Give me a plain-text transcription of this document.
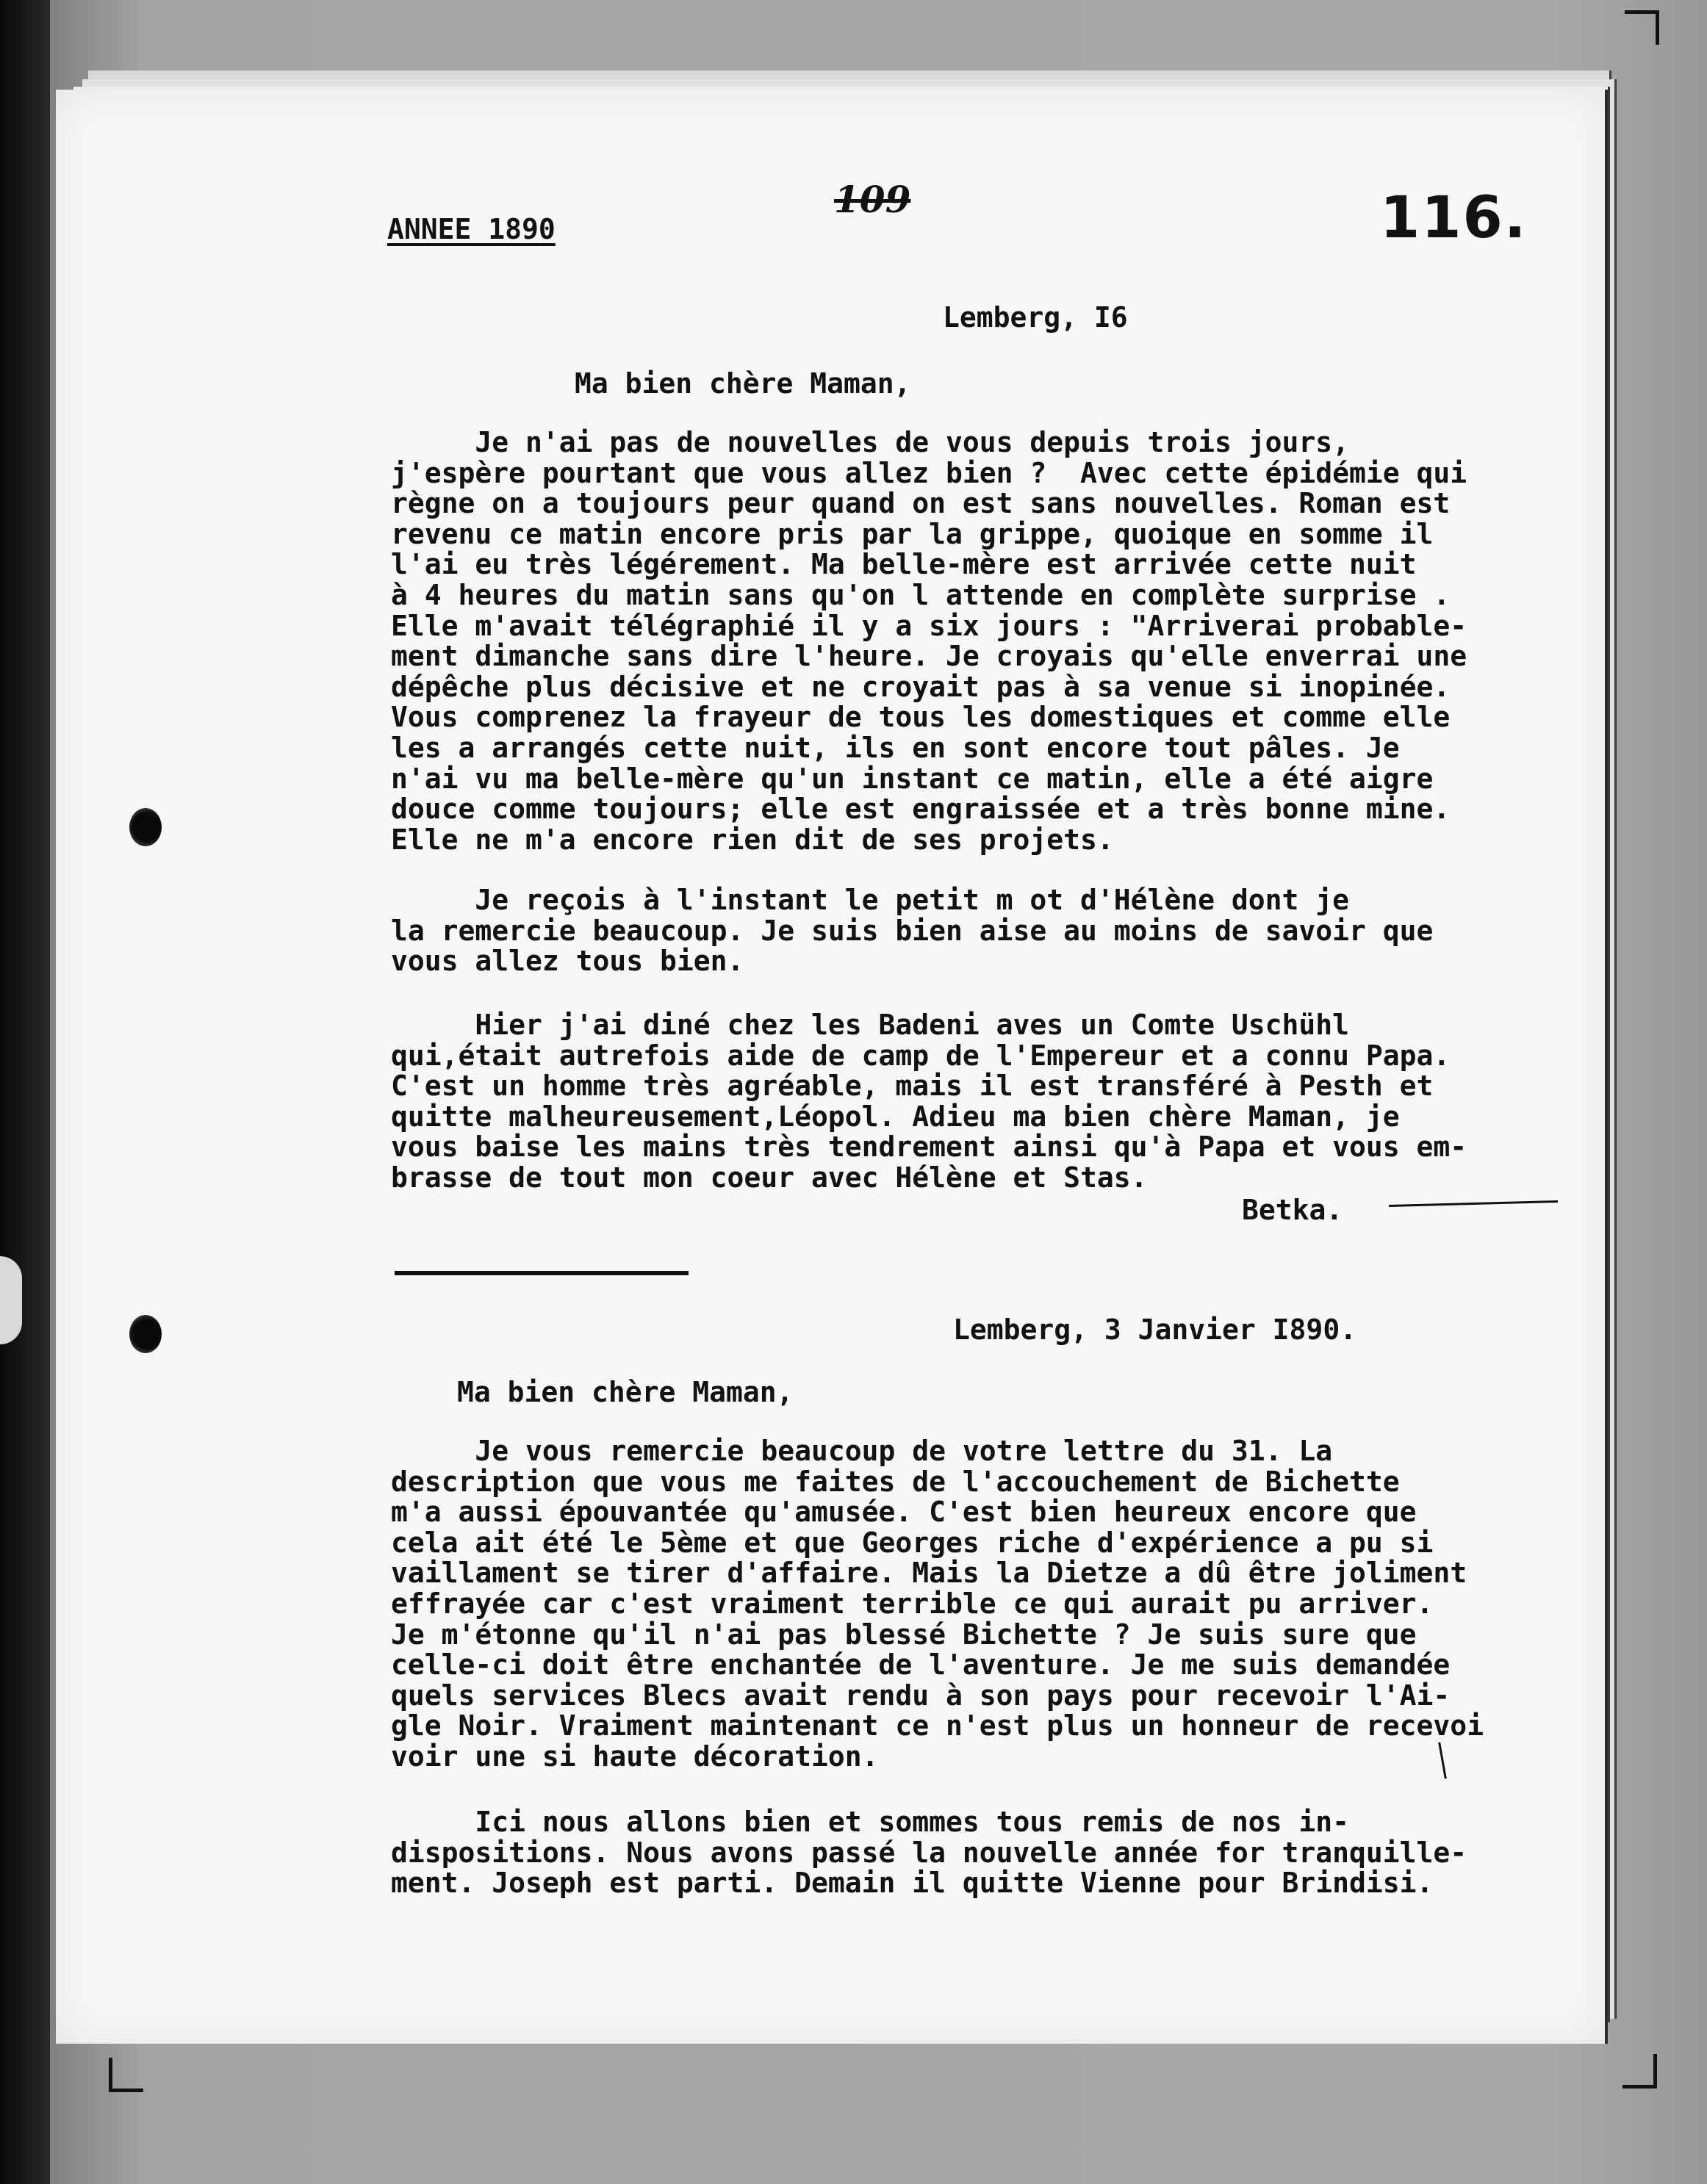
ANNEE 1890
109	116.
Lemberg, I6
Ma bien chère Maman,
Je n'ai pas de nouvelles de vous depuis trois jours,
j'espère pourtant que vous allez bien ?  Avec cette épidémie qui
règne on a toujours peur quand on est sans nouvelles. Roman est
revenu ce matin encore pris par la grippe, quoique en somme il
l'ai eu très légérement. Ma belle-mère est arrivée cette nuit
à 4 heures du matin sans qu'on l attende en complète surprise .
Elle m'avait télégraphié il y a six jours : "Arriverai probable-
ment dimanche sans dire l'heure. Je croyais qu'elle enverrai une
dépêche plus décisive et ne croyait pas à sa venue si inopinée.
Vous comprenez la frayeur de tous les domestiques et comme elle
les a arrangés cette nuit, ils en sont encore tout pâles. Je
n'ai vu ma belle-mère qu'un instant ce matin, elle a été aigre
douce comme toujours; elle est engraissée et a très bonne mine.
Elle ne m'a encore rien dit de ses projets.
Je reçois à l'instant le petit m ot d'Hélène dont je
la remercie beaucoup. Je suis bien aise au moins de savoir que
vous allez tous bien.
Hier j'ai diné chez les Badeni aves un Comte Uschühl
qui,était autrefois aide de camp de l'Empereur et a connu Papa.
C'est un homme très agréable, mais il est transféré à Pesth et
quitte malheureusement,Léopol. Adieu ma bien chère Maman, je
vous baise les mains très tendrement ainsi qu'à Papa et vous em-
brasse de tout mon coeur avec Hélène et Stas.
Betka.
Lemberg, 3 Janvier I890.
Ma bien chère Maman,
Je vous remercie beaucoup de votre lettre du 31. La
description que vous me faites de l'accouchement de Bichette
m'a aussi épouvantée qu'amusée. C'est bien heureux encore que
cela ait été le 5ème et que Georges riche d'expérience a pu si
vaillament se tirer d'affaire. Mais la Dietze a dû être joliment
effrayée car c'est vraiment terrible ce qui aurait pu arriver.
Je m'étonne qu'il n'ai pas blessé Bichette ? Je suis sure que
celle-ci doit être enchantée de l'aventure. Je me suis demandée
quels services Blecs avait rendu à son pays pour recevoir l'Ai-
gle Noir. Vraiment maintenant ce n'est plus un honneur de recevoi
voir une si haute décoration.
Ici nous allons bien et sommes tous remis de nos in-
dispositions. Nous avons passé la nouvelle année for tranquille-
ment. Joseph est parti. Demain il quitte Vienne pour Brindisi.
